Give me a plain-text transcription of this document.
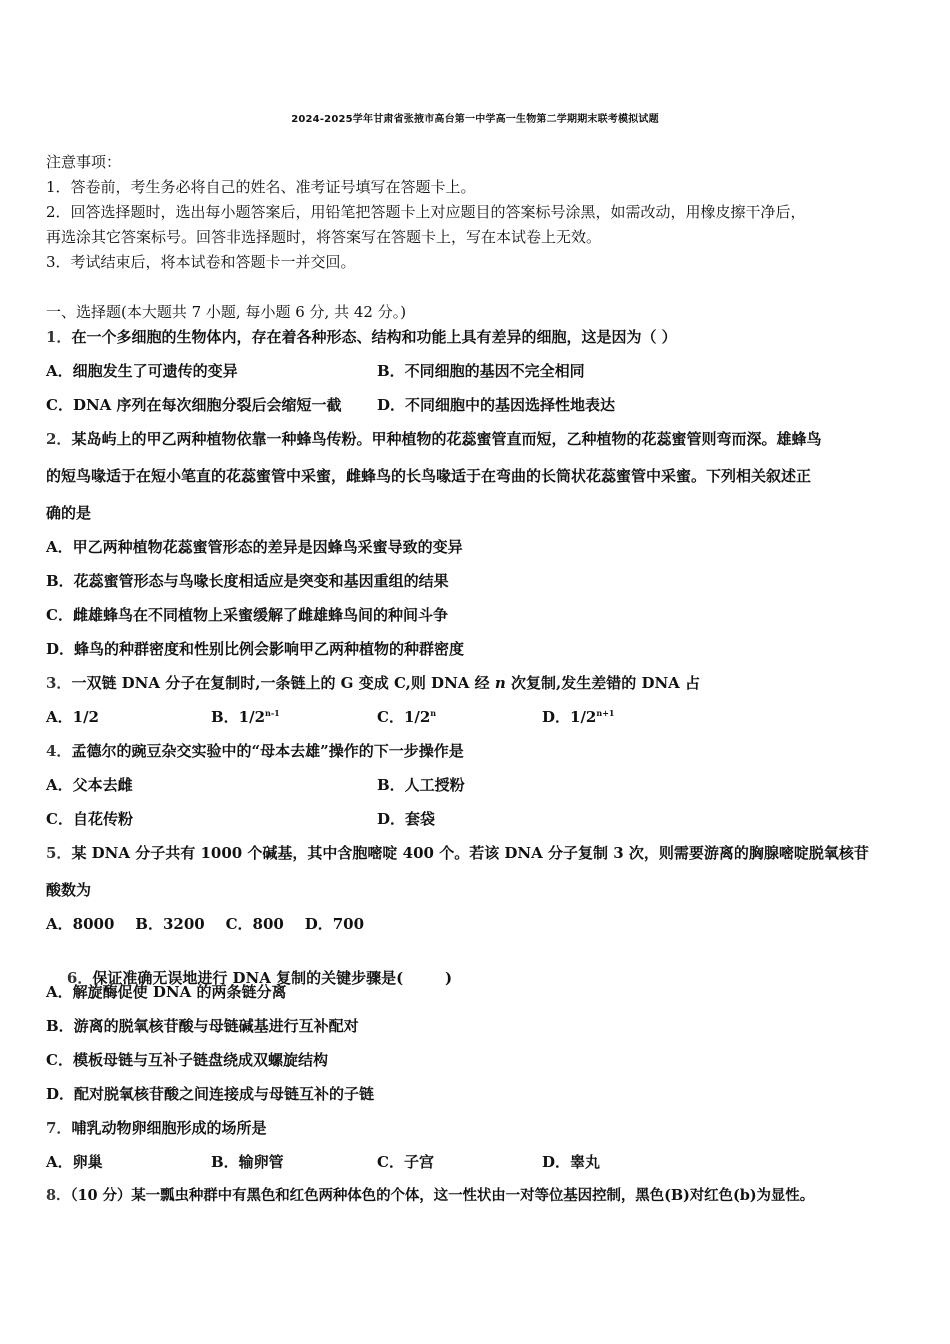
2024-2025学年甘肃省张掖市高台第一中学高一生物第二学期期末联考模拟试题
注意事项：
1．答卷前，考生务必将自己的姓名、准考证号填写在答题卡上。
2．回答选择题时，选出每小题答案后，用铅笔把答题卡上对应题目的答案标号涂黑，如需改动，用橡皮擦干净后，
再选涂其它答案标号。回答非选择题时，将答案写在答题卡上，写在本试卷上无效。
3．考试结束后，将本试卷和答题卡一并交回。
一、选择题(本大题共 7 小题, 每小题 6 分, 共 42 分。)
1．在一个多细胞的生物体内，存在着各种形态、结构和功能上具有差异的细胞，这是因为（ ）
A．细胞发生了可遗传的变异	B．不同细胞的基因不完全相同
C．DNA 序列在每次细胞分裂后会缩短一截 D．不同细胞中的基因选择性地表达
2．某岛屿上的甲乙两种植物依靠一种蜂鸟传粉。甲种植物的花蕊蜜管直而短，乙种植物的花蕊蜜管则弯而深。雄蜂鸟
的短鸟喙适于在短小笔直的花蕊蜜管中采蜜，雌蜂鸟的长鸟喙适于在弯曲的长筒状花蕊蜜管中采蜜。下列相关叙述正
确的是
A．甲乙两种植物花蕊蜜管形态的差异是因蜂鸟采蜜导致的变异
B．花蕊蜜管形态与鸟喙长度相适应是突变和基因重组的结果
C．雌雄蜂鸟在不同植物上采蜜缓解了雌雄蜂鸟间的种间斗争
D．蜂鸟的种群密度和性别比例会影响甲乙两种植物的种群密度
3．一双链 DNA 分子在复制时,一条链上的 G 变成 C,则 DNA 经 n 次复制,发生差错的 DNA 占
A．1/2	B．1/2$^{n-1}$	C．1/2$^n$	D．$1/2^{n+1}$
4．孟德尔的豌豆杂交实验中的“母本去雄”操作的下一步操作是
A．父本去雌	B．人工授粉
C．自花传粉	D．套袋
5．某 DNA 分子共有 1000 个碱基，其中含胞嘧啶 400 个。若该 DNA 分子复制 3 次，则需要游离的胸腺嘧啶脱氧核苷
酸数为
A．8000    B．3200    C．800    D．700

6．保证准确无误地进行 DNA 复制的关键步骤是(        )

A．解旋酶促使 DNA 的两条链分离
B．游离的脱氧核苷酸与母链碱基进行互补配对
C．模板母链与互补子链盘绕成双螺旋结构
D．配对脱氧核苷酸之间连接成与母链互补的子链
7．哺乳动物卵细胞形成的场所是
A．卵巢	B．输卵管	C．子宫	D．睾丸
8．（10 分）某一瓢虫种群中有黑色和红色两种体色的个体，这一性状由一对等位基因控制，黑色(B)对红色(b)为显性。
